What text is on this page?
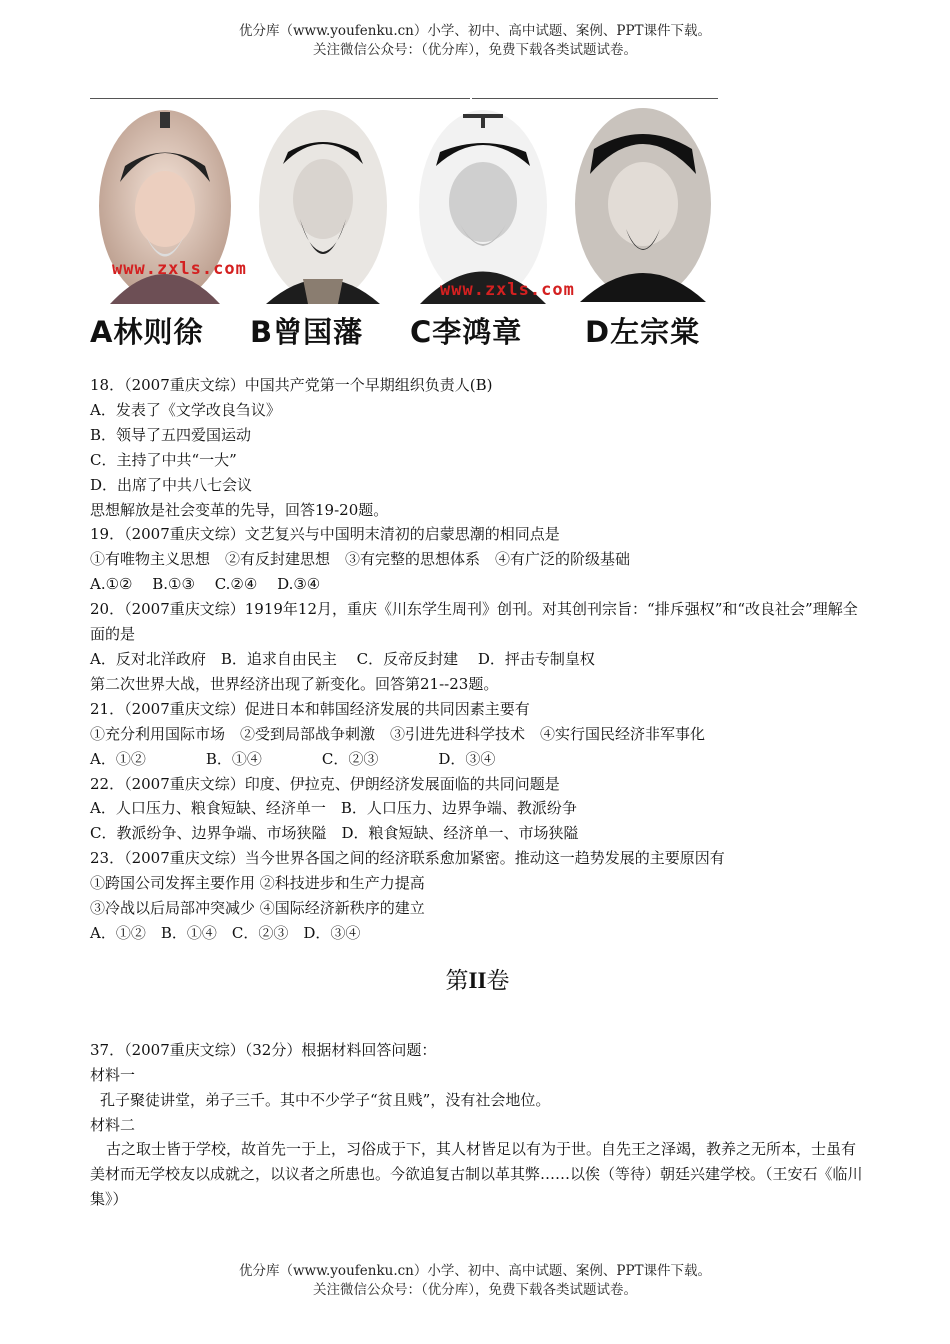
优分库（www.youfenku.cn）小学、初中、高中试题、案例、PPT课件下载。
关注微信公众号：（优分库），免费下载各类试题试卷。
www.zxls.com
www.zxls.com
A林则徐 B曾国藩 C李鸿章 D左宗棠
18．（2007重庆文综）中国共产党第一个早期组织负责人(B)
A．发表了《文学改良刍议》
B．领导了五四爱国运动
C．主持了中共“一大”
D．出席了中共八七会议
思想解放是社会变革的先导，回答19-20题。
19．（2007重庆文综）文艺复兴与中国明末清初的启蒙思潮的相同点是
①有唯物主义思想　②有反封建思想　③有完整的思想体系　④有广泛的阶级基础
A.①②　 B.①③　 C.②④　 D.③④
20．（2007重庆文综）1919年12月，重庆《川东学生周刊》创刊。对其创刊宗旨：“排斥强权”和“改良社会”理解全面的是
A．反对北洋政府　B．追求自由民主　 C．反帝反封建　 D．抨击专制皇权
第二次世界大战，世界经济出现了新变化。回答第21--23题。
21．（2007重庆文综）促进日本和韩国经济发展的共同因素主要有
①充分利用国际市场　②受到局部战争刺激　③引进先进科学技术　④实行国民经济非军事化
A．①②　　　　B．①④　　　　C．②③　　　　D．③④
22．（2007重庆文综）印度、伊拉克、伊朗经济发展面临的共同问题是
A．人口压力、粮食短缺、经济单一　B．人口压力、边界争端、教派纷争
C．教派纷争、边界争端、市场狭隘　D．粮食短缺、经济单一、市场狭隘
23．（2007重庆文综）当今世界各国之间的经济联系愈加紧密。推动这一趋势发展的主要原因有
①跨国公司发挥主要作用 ②科技进步和生产力提高
③冷战以后局部冲突减少 ④国际经济新秩序的建立
A．①②　B．①④　C．②③　D．③④
第II卷
37．（2007重庆文综）（32分）根据材料回答问题：
材料一
孔子聚徒讲堂，弟子三千。其中不少学子“贫且贱”，没有社会地位。
材料二
古之取士皆于学校，故首先一于上，习俗成于下，其人材皆足以有为于世。自先王之泽竭，教养之无所本，士虽有美材而无学校友以成就之，以议者之所患也。今欲追复古制以革其弊……以俟（等待）朝廷兴建学校。（王安石《临川集》）
优分库（www.youfenku.cn）小学、初中、高中试题、案例、PPT课件下载。
关注微信公众号：（优分库），免费下载各类试题试卷。
